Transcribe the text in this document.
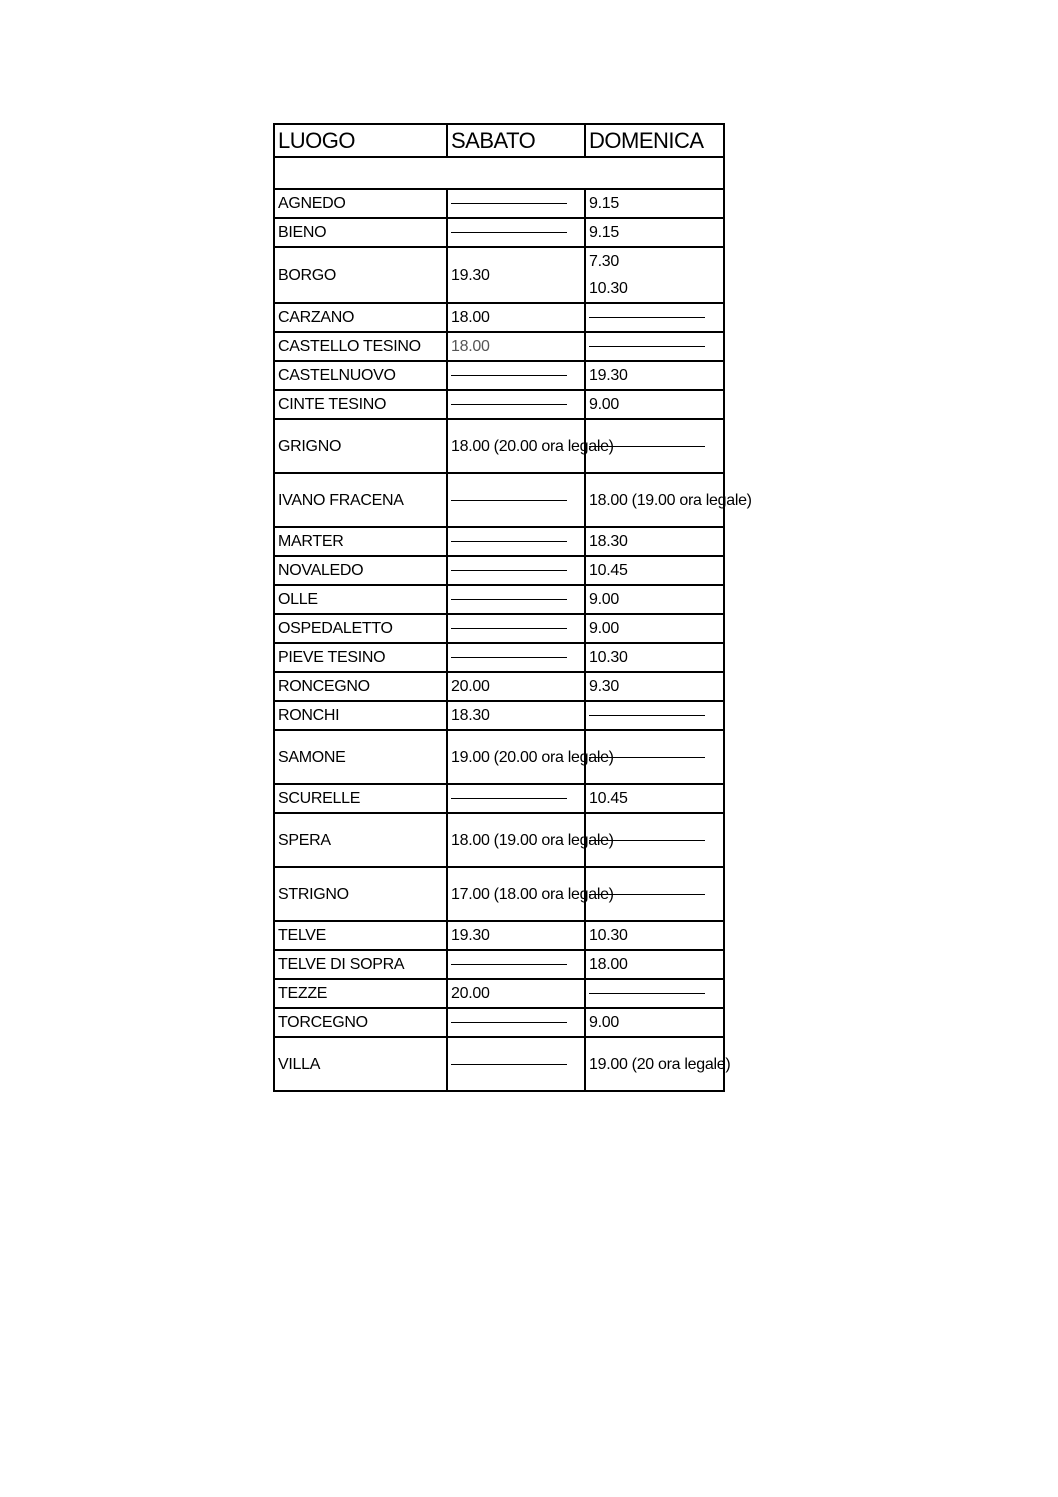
LUOGO	SABATO	DOMENICA

AGNEDO		9.15
BIENO		9.15
BORGO	19.30	7.30
10.30

CARZANO	18.00	

CASTELLO TESINO	18.00	

CASTELNUOVO		19.30
CINTE TESINO		9.00
GRIGNO	18.00 (20.00 ora legale)	

IVANO FRACENA		18.00 (19.00 ora legale)
MARTER		18.30
NOVALEDO		10.45
OLLE		9.00
OSPEDALETTO		9.00
PIEVE TESINO		10.30
RONCEGNO	20.00	9.30
RONCHI	18.30	

SAMONE	19.00 (20.00 ora legale)	

SCURELLE		10.45
SPERA	18.00 (19.00 ora legale)	

STRIGNO	17.00 (18.00 ora legale)	

TELVE	19.30	10.30
TELVE DI SOPRA		18.00
TEZZE	20.00	

TORCEGNO		9.00
VILLA		19.00 (20 ora legale)
